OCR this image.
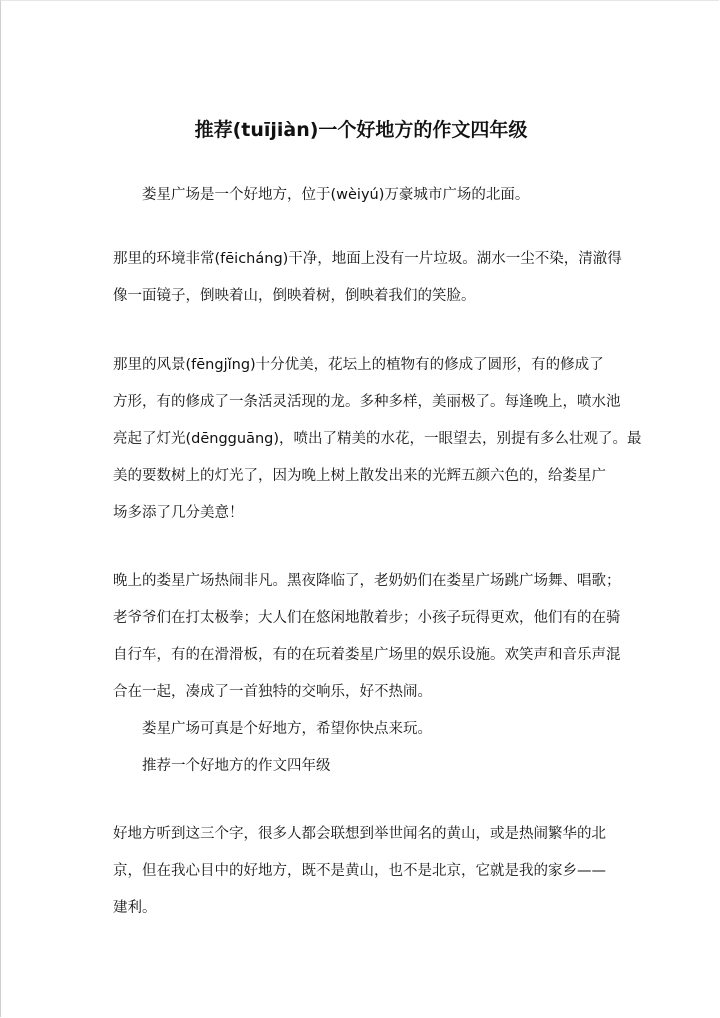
推荐(tuījiàn)一个好地方的作文四年级

娄星广场是一个好地方，位于(wèiyú)万豪城市广场的北面。

那里的环境非常(fēicháng)干净，地面上没有一片垃圾。湖水一尘不染，清澈得
像一面镜子，倒映着山，倒映着树，倒映着我们的笑脸。

那里的风景(fēngjǐng)十分优美，花坛上的植物有的修成了圆形，有的修成了
方形，有的修成了一条活灵活现的龙。多种多样，美丽极了。每逢晚上，喷水池
亮起了灯光(dēngguāng)，喷出了精美的水花，一眼望去，别提有多么壮观了。最
美的要数树上的灯光了，因为晚上树上散发出来的光辉五颜六色的，给娄星广
场多添了几分美意！

晚上的娄星广场热闹非凡。黑夜降临了，老奶奶们在娄星广场跳广场舞、唱歌；
老爷爷们在打太极拳；大人们在悠闲地散着步；小孩子玩得更欢，他们有的在骑
自行车，有的在滑滑板，有的在玩着娄星广场里的娱乐设施。欢笑声和音乐声混
合在一起，凑成了一首独特的交响乐，好不热闹。

娄星广场可真是个好地方，希望你快点来玩。

推荐一个好地方的作文四年级

好地方听到这三个字，很多人都会联想到举世闻名的黄山，或是热闹繁华的北
京，但在我心目中的好地方，既不是黄山，也不是北京，它就是我的家乡——
建利。
